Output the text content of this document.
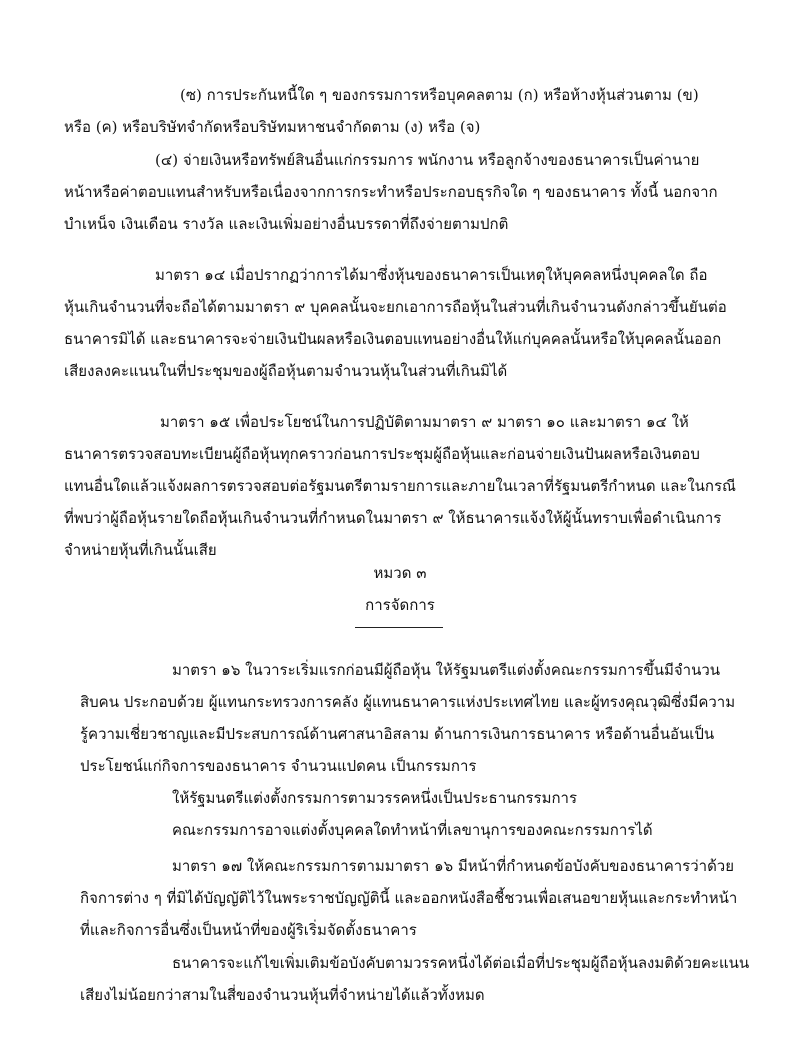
(ซ) การประกันหนี้ใด ๆ ของกรรมการหรือบุคคลตาม (ก) หรือห้างหุ้นส่วนตาม (ข)
หรือ (ค) หรือบริษัทจำกัดหรือบริษัทมหาชนจำกัดตาม (ง) หรือ (จ)
(๔) จ่ายเงินหรือทรัพย์สินอื่นแก่กรรมการ พนักงาน หรือลูกจ้างของธนาคารเป็นค่านาย
หน้าหรือค่าตอบแทนสำหรับหรือเนื่องจากการกระทำหรือประกอบธุรกิจใด ๆ ของธนาคาร ทั้งนี้ นอกจาก
บำเหน็จ เงินเดือน รางวัล และเงินเพิ่มอย่างอื่นบรรดาที่ถึงจ่ายตามปกติ
มาตรา ๑๔ เมื่อปรากฏว่าการได้มาซึ่งหุ้นของธนาคารเป็นเหตุให้บุคคลหนึ่งบุคคลใด ถือ
หุ้นเกินจำนวนที่จะถือได้ตามมาตรา ๙ บุคคลนั้นจะยกเอาการถือหุ้นในส่วนที่เกินจำนวนดังกล่าวขึ้นยันต่อ
ธนาคารมิได้ และธนาคารจะจ่ายเงินปันผลหรือเงินตอบแทนอย่างอื่นให้แก่บุคคลนั้นหรือให้บุคคลนั้นออก
เสียงลงคะแนนในที่ประชุมของผู้ถือหุ้นตามจำนวนหุ้นในส่วนที่เกินมิได้
มาตรา ๑๕ เพื่อประโยชน์ในการปฏิบัติตามมาตรา ๙ มาตรา ๑๐ และมาตรา ๑๔ ให้
ธนาคารตรวจสอบทะเบียนผู้ถือหุ้นทุกคราวก่อนการประชุมผู้ถือหุ้นและก่อนจ่ายเงินปันผลหรือเงินตอบ
แทนอื่นใดแล้วแจ้งผลการตรวจสอบต่อรัฐมนตรีตามรายการและภายในเวลาที่รัฐมนตรีกำหนด และในกรณี
ที่พบว่าผู้ถือหุ้นรายใดถือหุ้นเกินจำนวนที่กำหนดในมาตรา ๙ ให้ธนาคารแจ้งให้ผู้นั้นทราบเพื่อดำเนินการ
จำหน่ายหุ้นที่เกินนั้นเสีย
หมวด ๓
การจัดการ
มาตรา ๑๖ ในวาระเริ่มแรกก่อนมีผู้ถือหุ้น ให้รัฐมนตรีแต่งตั้งคณะกรรมการขึ้นมีจำนวน
สิบคน ประกอบด้วย ผู้แทนกระทรวงการคลัง ผู้แทนธนาคารแห่งประเทศไทย และผู้ทรงคุณวุฒิซึ่งมีความ
รู้ความเชี่ยวชาญและมีประสบการณ์ด้านศาสนาอิสลาม ด้านการเงินการธนาคาร หรือด้านอื่นอันเป็น
ประโยชน์แก่กิจการของธนาคาร จำนวนแปดคน เป็นกรรมการ
ให้รัฐมนตรีแต่งตั้งกรรมการตามวรรคหนึ่งเป็นประธานกรรมการ
คณะกรรมการอาจแต่งตั้งบุคคลใดทำหน้าที่เลขานุการของคณะกรรมการได้
มาตรา ๑๗ ให้คณะกรรมการตามมาตรา ๑๖ มีหน้าที่กำหนดข้อบังคับของธนาคารว่าด้วย
กิจการต่าง ๆ ที่มิได้บัญญัติไว้ในพระราชบัญญัตินี้ และออกหนังสือชี้ชวนเพื่อเสนอขายหุ้นและกระทำหน้า
ที่และกิจการอื่นซึ่งเป็นหน้าที่ของผู้ริเริ่มจัดตั้งธนาคาร
ธนาคารจะแก้ไขเพิ่มเติมข้อบังคับตามวรรคหนึ่งได้ต่อเมื่อที่ประชุมผู้ถือหุ้นลงมติด้วยคะแนน
เสียงไม่น้อยกว่าสามในสี่ของจำนวนหุ้นที่จำหน่ายได้แล้วทั้งหมด
